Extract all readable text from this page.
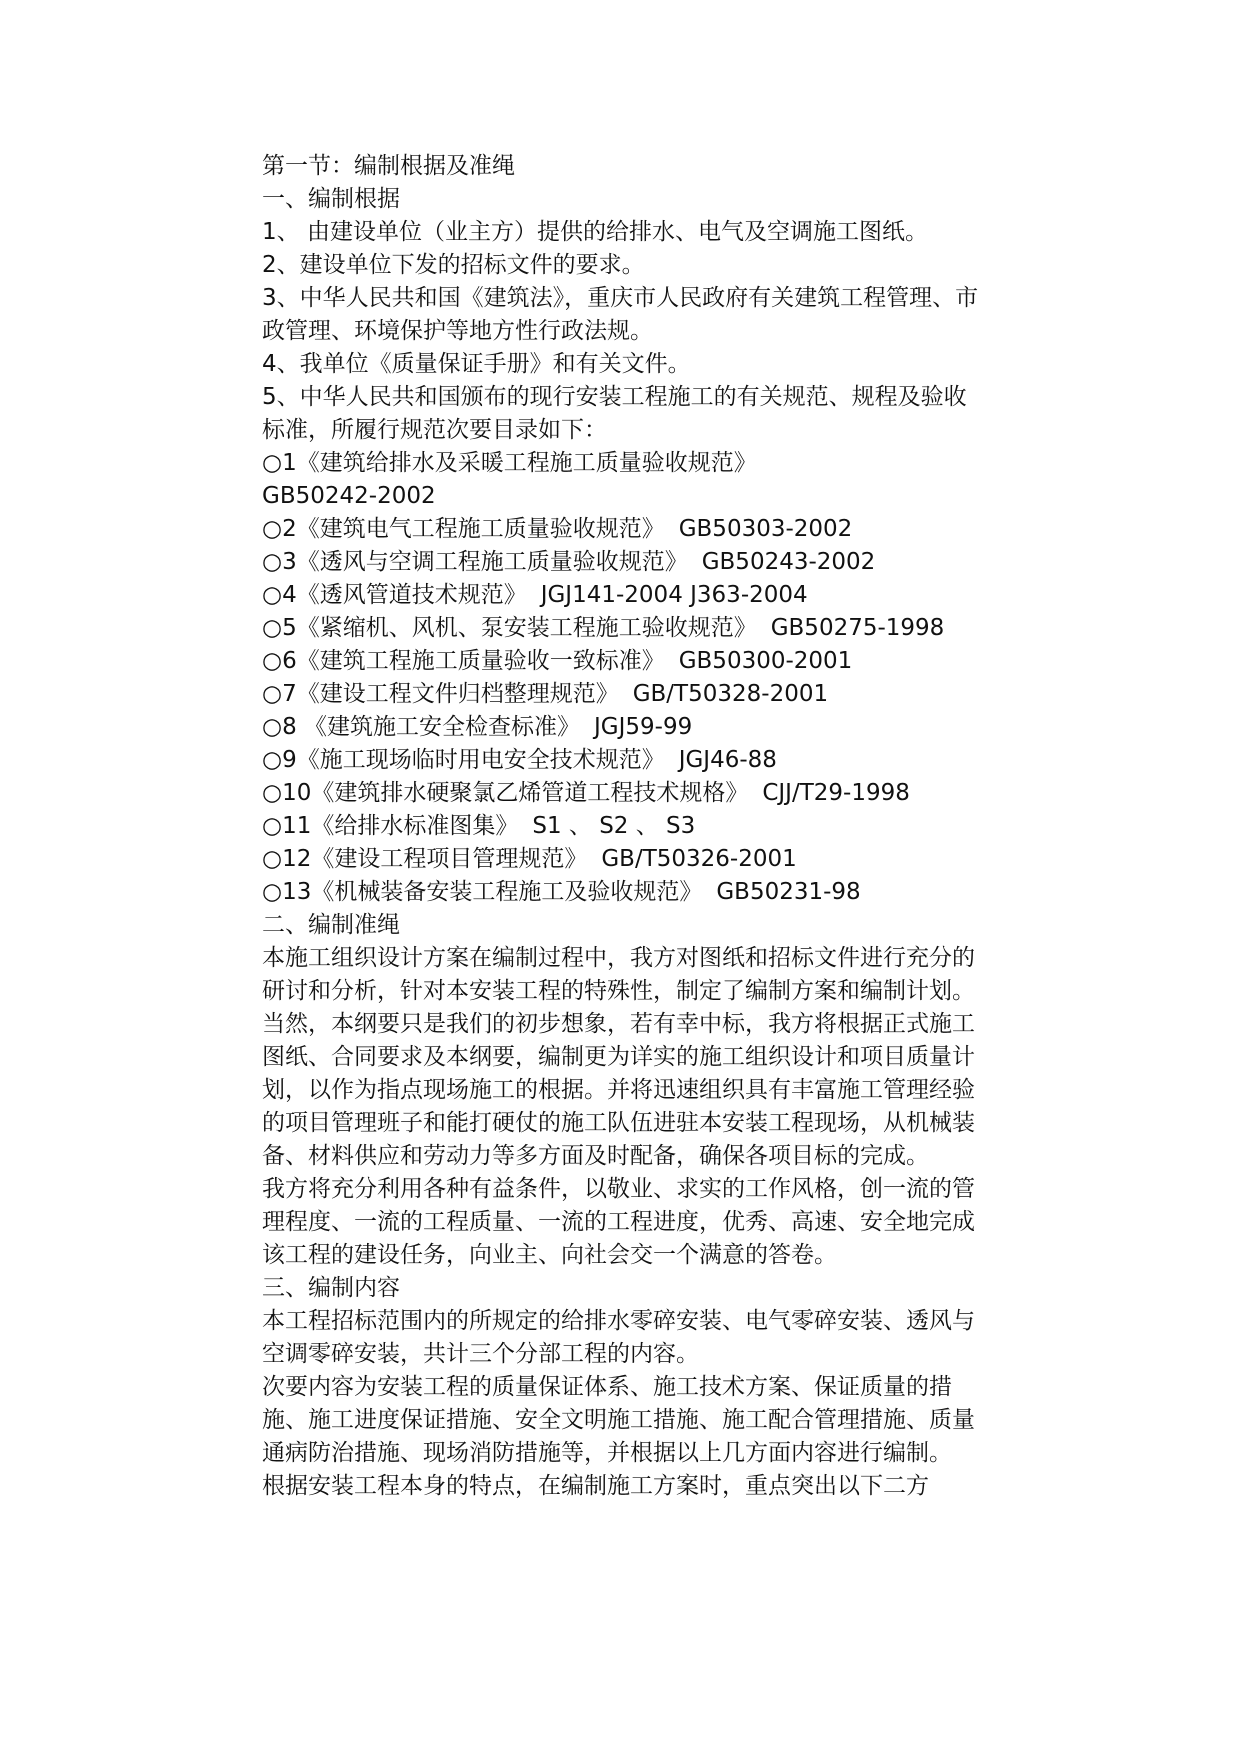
第一节：编制根据及准绳
一、编制根据
1、 由建设单位（业主方）提供的给排水、电气及空调施工图纸。
2、建设单位下发的招标文件的要求。
3、中华人民共和国《建筑法》，重庆市人民政府有关建筑工程管理、市政管理、环境保护等地方性行政法规。
4、我单位《质量保证手册》和有关文件。
5、中华人民共和国颁布的现行安装工程施工的有关规范、规程及验收标准，所履行规范次要目录如下：
○1《建筑给排水及采暖工程施工质量验收规范》
GB50242-2002
○2《建筑电气工程施工质量验收规范》 GB50303-2002
○3《透风与空调工程施工质量验收规范》 GB50243-2002
○4《透风管道技术规范》 JGJ141-2004 J363-2004
○5《紧缩机、风机、泵安装工程施工验收规范》 GB50275-1998
○6《建筑工程施工质量验收一致标准》 GB50300-2001
○7《建设工程文件归档整理规范》 GB/T50328-2001
○8 《建筑施工安全检查标准》 JGJ59-99
○9《施工现场临时用电安全技术规范》 JGJ46-88
○10《建筑排水硬聚氯乙烯管道工程技术规格》 CJJ/T29-1998
○11《给排水标准图集》 S1 、 S2 、 S3
○12《建设工程项目管理规范》 GB/T50326-2001
○13《机械装备安装工程施工及验收规范》 GB50231-98
二、编制准绳
本施工组织设计方案在编制过程中，我方对图纸和招标文件进行充分的研讨和分析，针对本安装工程的特殊性，制定了编制方案和编制计划。当然，本纲要只是我们的初步想象，若有幸中标，我方将根据正式施工图纸、合同要求及本纲要，编制更为详实的施工组织设计和项目质量计划，以作为指点现场施工的根据。并将迅速组织具有丰富施工管理经验的项目管理班子和能打硬仗的施工队伍进驻本安装工程现场，从机械装备、材料供应和劳动力等多方面及时配备，确保各项目标的完成。
我方将充分利用各种有益条件，以敬业、求实的工作风格，创一流的管理程度、一流的工程质量、一流的工程进度，优秀、高速、安全地完成该工程的建设任务，向业主、向社会交一个满意的答卷。
三、编制内容
本工程招标范围内的所规定的给排水零碎安装、电气零碎安装、透风与空调零碎安装，共计三个分部工程的内容。
次要内容为安装工程的质量保证体系、施工技术方案、保证质量的措施、施工进度保证措施、安全文明施工措施、施工配合管理措施、质量通病防治措施、现场消防措施等，并根据以上几方面内容进行编制。
根据安装工程本身的特点，在编制施工方案时，重点突出以下二方
